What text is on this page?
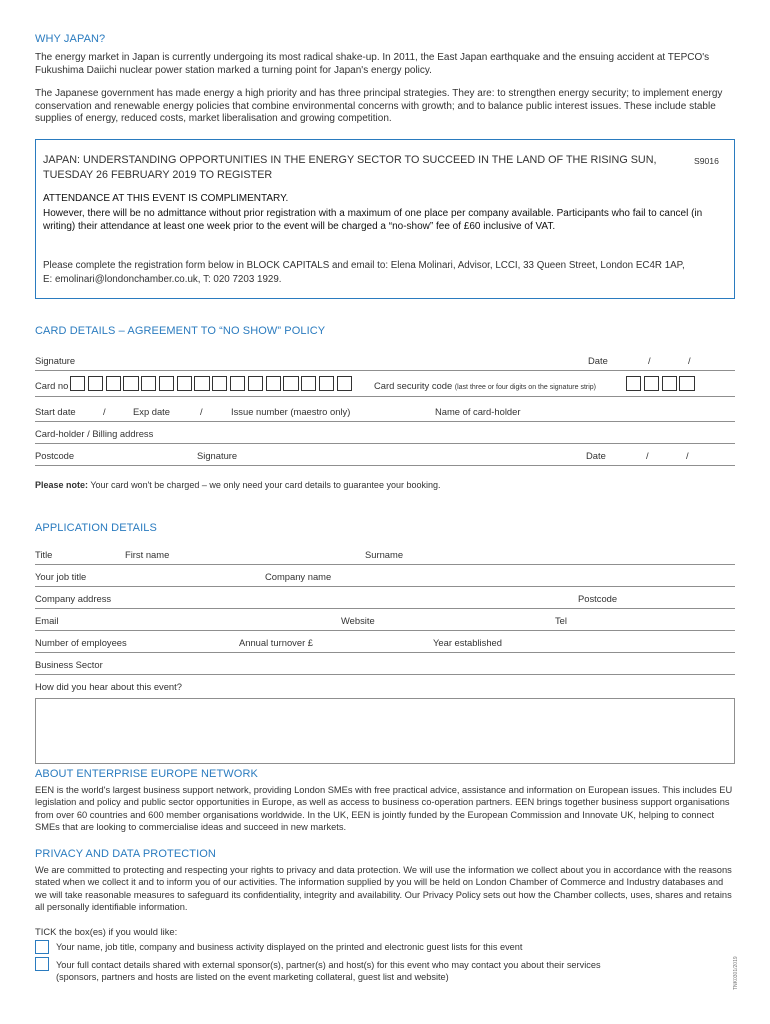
WHY JAPAN?
The energy market in Japan is currently undergoing its most radical shake-up. In 2011, the East Japan earthquake and the ensuing accident at TEPCO's Fukushima Daiichi nuclear power station marked a turning point for Japan's energy policy.
The Japanese government has made energy a high priority and has three principal strategies. They are: to strengthen energy security; to implement energy conservation and renewable energy policies that combine environmental concerns with growth; and to balance public interest issues. These include stable supplies of energy, reduced costs, market liberalisation and growing competition.
JAPAN: UNDERSTANDING OPPORTUNITIES IN THE ENERGY SECTOR TO SUCCEED IN THE LAND OF THE RISING SUN,
TUESDAY 26 FEBRUARY 2019 TO REGISTER
S9016
ATTENDANCE AT THIS EVENT IS COMPLIMENTARY.
However, there will be no admittance without prior registration with a maximum of one place per company available. Participants who fail to cancel (in writing) their attendance at least one week prior to the event will be charged a “no-show” fee of £60 inclusive of VAT.
Please complete the registration form below in BLOCK CAPITALS and email to: Elena Molinari, Advisor, LCCI, 33 Queen Street, London EC4R 1AP,
E: emolinari@londonchamber.co.uk, T: 020 7203 1929.
CARD DETAILS – AGREEMENT TO “NO SHOW” POLICY
Signature	Date	/	/
Card no	Card security code (last three or four digits on the signature strip)
Start date	/	Exp date	/	Issue number (maestro only)	Name of card-holder
Card-holder / Billing address
Postcode	Signature	Date	/	/
Please note: Your card won't be charged – we only need your card details to guarantee your booking.
APPLICATION DETAILS
Title	First name	Surname
Your job title	Company name
Company address	Postcode
Email	Website	Tel
Number of employees	Annual turnover £	Year established
Business Sector
How did you hear about this event?
ABOUT ENTERPRISE EUROPE NETWORK
EEN is the world's largest business support network, providing London SMEs with free practical advice, assistance and information on European issues. This includes EU legislation and policy and public sector opportunities in Europe, as well as access to business co-operation partners. EEN brings together business support organisations from over 60 countries and 600 member organisations worldwide. In the UK, EEN is jointly funded by the European Commission and Innovate UK, helping to connect SMEs that are looking to commercialise ideas and succeed in new markets.
PRIVACY AND DATA PROTECTION
We are committed to protecting and respecting your rights to privacy and data protection. We will use the information we collect about you in accordance with the reasons stated when we collect it and to inform you of our activities. The information supplied by you will be held on London Chamber of Commerce and Industry databases and we will take reasonable measures to safeguard its confidentiality, integrity and availability. Our Privacy Policy sets out how the Chamber collects, uses, shares and retains all personally identifiable information.
TICK the box(es) if you would like:
Your name, job title, company and business activity displayed on the printed and electronic guest lists for this event
Your full contact details shared with external sponsor(s), partner(s) and host(s) for this event who may contact you about their services
(sponsors, partners and hosts are listed on the event marketing collateral, guest list and website)	TNK0301/2019
